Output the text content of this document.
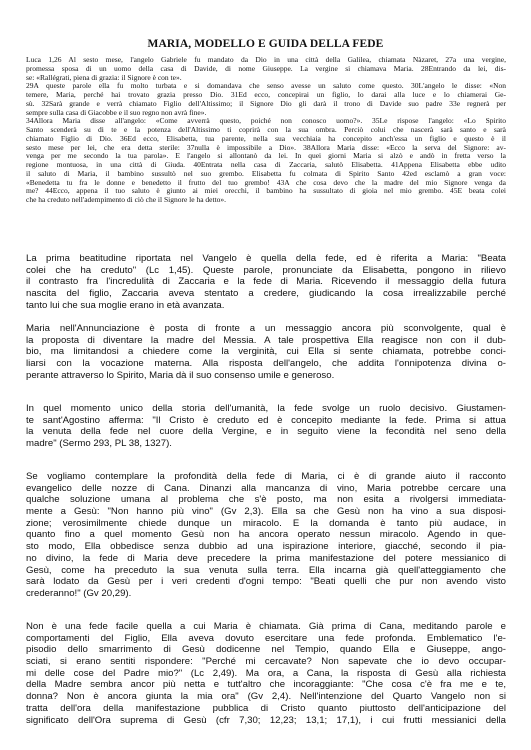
MARIA, MODELLO E GUIDA DELLA FEDE
Luca 1,26 Al sesto mese, l'angelo Gabriele fu mandato da Dio in una città della Galilea, chiamata Nàzaret, 27a una vergine,
promessa sposa di un uomo della casa di Davide, di nome Giuseppe. La vergine si chiamava Maria. 28Entrando da lei, dis-
se: «Rallégrati, piena di grazia: il Signore è con te».
29A queste parole ella fu molto turbata e si domandava che senso avesse un saluto come questo. 30L'angelo le disse: «Non
temere, Maria, perché hai trovato grazia presso Dio. 31Ed ecco, concepirai un figlio, lo darai alla luce e lo chiamerai Ge-
sù. 32Sarà grande e verrà chiamato Figlio dell'Altissimo; il Signore Dio gli darà il trono di Davide suo padre 33e regnerà per
sempre sulla casa di Giacobbe e il suo regno non avrà fine».
34Allora Maria disse all'angelo: «Come avverrà questo, poiché non conosco uomo?». 35Le rispose l'angelo: «Lo Spirito
Santo scenderà su di te e la potenza dell'Altissimo ti coprirà con la sua ombra. Perciò colui che nascerà sarà santo e sarà
chiamato Figlio di Dio. 36Ed ecco, Elisabetta, tua parente, nella sua vecchiaia ha concepito anch'essa un figlio e questo è il
sesto mese per lei, che era detta sterile: 37nulla è impossibile a Dio». 38Allora Maria disse: «Ecco la serva del Signore: av-
venga per me secondo la tua parola». E l'angelo si allontanò da lei. In quei giorni Maria si alzò e andò in fretta verso la
regione montuosa, in una città di Giuda. 40Entrata nella casa di Zaccaria, salutò Elisabetta. 41Appena Elisabetta ebbe udito
il saluto di Maria, il bambino sussultò nel suo grembo. Elisabetta fu colmata di Spirito Santo 42ed esclamò a gran voce:
«Benedetta tu fra le donne e benedetto il frutto del tuo grembo! 43A che cosa devo che la madre del mio Signore venga da
me? 44Ecco, appena il tuo saluto è giunto ai miei orecchi, il bambino ha sussultato di gioia nel mio grembo. 45E beata colei
che ha creduto nell'adempimento di ciò che il Signore le ha detto».
La prima beatitudine riportata nel Vangelo è quella della fede, ed è riferita a Maria: "Beata
colei che ha creduto" (Lc 1,45). Queste parole, pronunciate da Elisabetta, pongono in rilievo
il contrasto fra l'incredulità di Zaccaria e la fede di Maria. Ricevendo il messaggio della futura
nascita del figlio, Zaccaria aveva stentato a credere, giudicando la cosa irrealizzabile perché
tanto lui che sua moglie erano in età avanzata.
Maria nell'Annunciazione è posta di fronte a un messaggio ancora più sconvolgente, qual è
la proposta di diventare la madre del Messia. A tale prospettiva Ella reagisce non con il dub-
bio, ma limitandosi a chiedere come la verginità, cui Ella si sente chiamata, potrebbe conci-
liarsi con la vocazione materna. Alla risposta dell'angelo, che addita l'onnipotenza divina o-
perante attraverso lo Spirito, Maria dà il suo consenso umile e generoso.
In quel momento unico della storia dell'umanità, la fede svolge un ruolo decisivo. Giustamen-
te sant'Agostino afferma: "Il Cristo è creduto ed è concepito mediante la fede. Prima si attua
la venuta della fede nel cuore della Vergine, e in seguito viene la fecondità nel seno della
madre" (Sermo 293, PL 38, 1327).
Se vogliamo contemplare la profondità della fede di Maria, ci è di grande aiuto il racconto
evangelico delle nozze di Cana. Dinanzi alla mancanza di vino, Maria potrebbe cercare una
qualche soluzione umana al problema che s'è posto, ma non esita a rivolgersi immediata-
mente a Gesù: "Non hanno più vino" (Gv 2,3). Ella sa che Gesù non ha vino a sua disposi-
zione; verosimilmente chiede dunque un miracolo. E la domanda è tanto più audace, in
quanto fino a quel momento Gesù non ha ancora operato nessun miracolo. Agendo in que-
sto modo, Ella obbedisce senza dubbio ad una ispirazione interiore, giacché, secondo il pia-
no divino, la fede di Maria deve precedere la prima manifestazione del potere messianico di
Gesù, come ha preceduto la sua venuta sulla terra. Ella incarna già quell'atteggiamento che
sarà lodato da Gesù per i veri credenti d'ogni tempo: "Beati quelli che pur non avendo visto
crederanno!" (Gv 20,29).
Non è una fede facile quella a cui Maria è chiamata. Già prima di Cana, meditando parole e
comportamenti del Figlio, Ella aveva dovuto esercitare una fede profonda. Emblematico l'e-
pisodio dello smarrimento di Gesù dodicenne nel Tempio, quando Ella e Giuseppe, ango-
sciati, si erano sentiti rispondere: "Perché mi cercavate? Non sapevate che io devo occupar-
mi delle cose del Padre mio?" (Lc 2,49). Ma ora, a Cana, la risposta di Gesù alla richiesta
della Madre sembra ancor più netta e tutt'altro che incoraggiante: "Che cosa c'è fra me e te,
donna? Non è ancora giunta la mia ora" (Gv 2,4). Nell'intenzione del Quarto Vangelo non si
tratta dell'ora della manifestazione pubblica di Cristo quanto piuttosto dell'anticipazione del
significato dell'Ora suprema di Gesù (cfr 7,30; 12,23; 13,1; 17,1), i cui frutti messianici della
